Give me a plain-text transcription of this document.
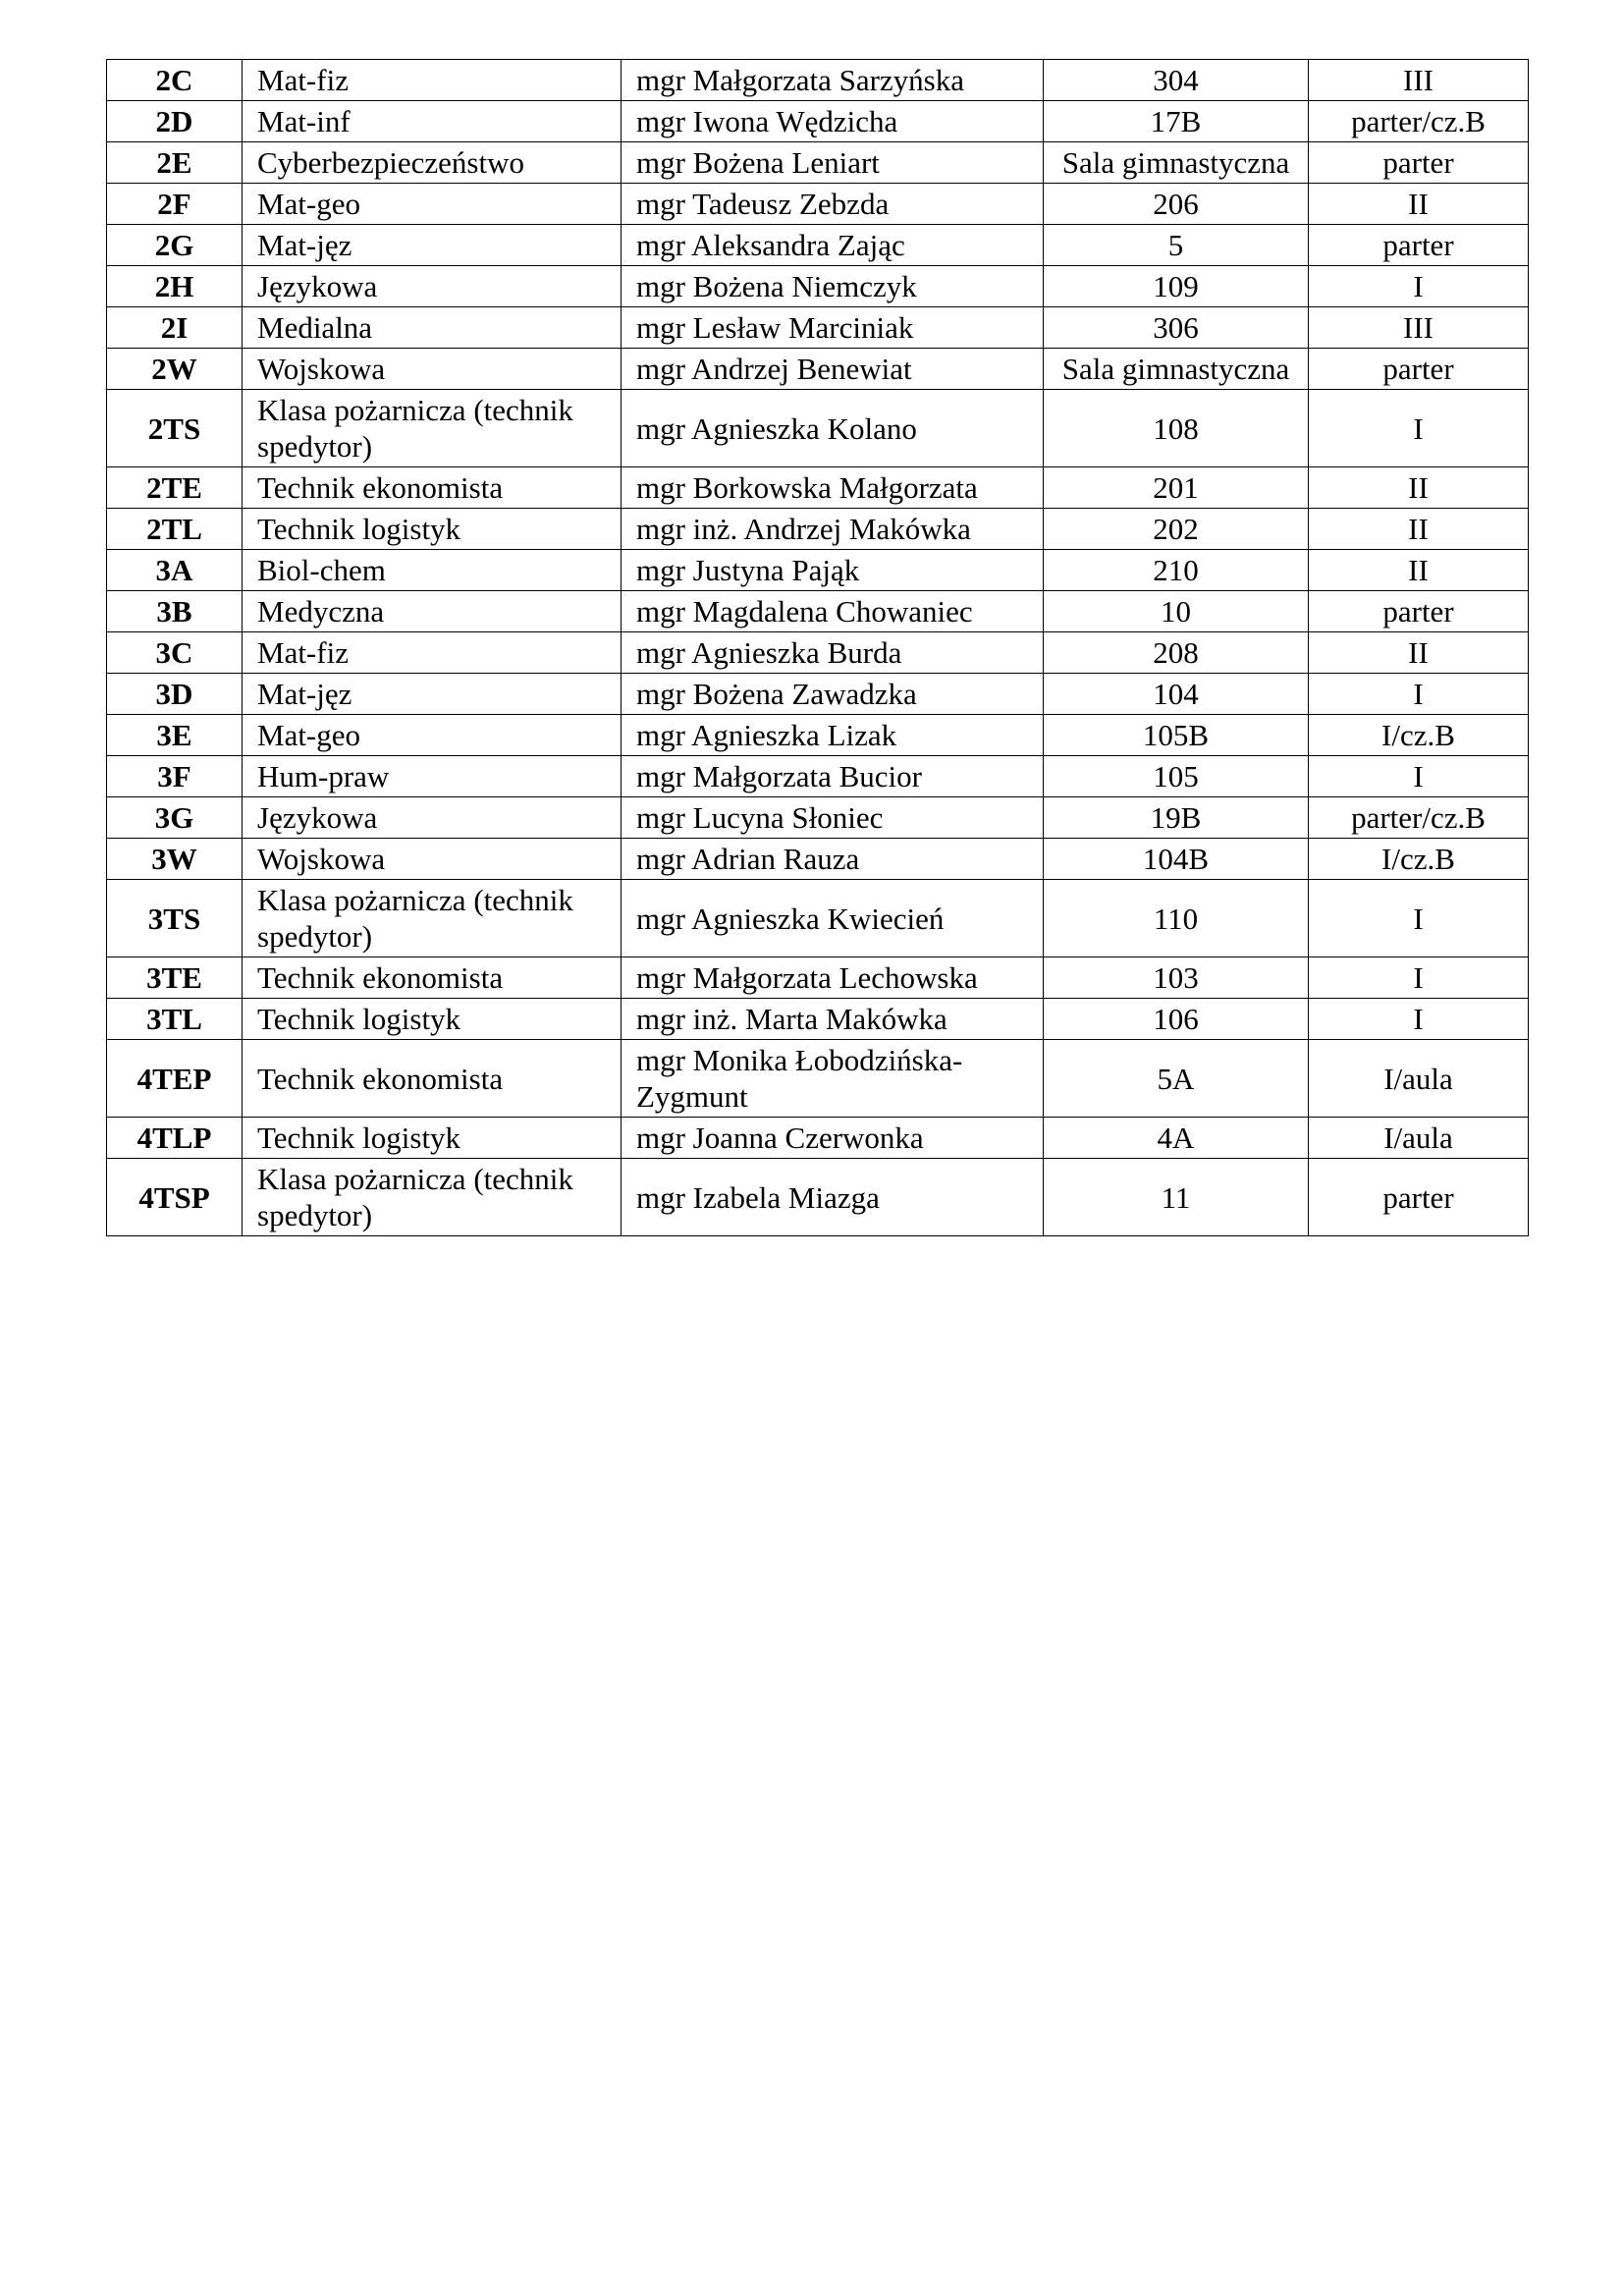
2C	Mat-fiz	mgr Małgorzata Sarzyńska	304	III
2D	Mat-inf	mgr Iwona Wędzicha	17B	parter/cz.B
2E	Cyberbezpieczeństwo	mgr Bożena Leniart	Sala gimnastyczna	parter
2F	Mat-geo	mgr Tadeusz Zebzda	206	II
2G	Mat-jęz	mgr Aleksandra Zając	5	parter
2H	Językowa	mgr Bożena Niemczyk	109	I
2I	Medialna	mgr Lesław Marciniak	306	III
2W	Wojskowa	mgr Andrzej Benewiat	Sala gimnastyczna	parter
2TS	Klasa pożarnicza (technik spedytor)	mgr Agnieszka Kolano	108	I
2TE	Technik ekonomista	mgr Borkowska Małgorzata	201	II
2TL	Technik logistyk	mgr inż. Andrzej Makówka	202	II
3A	Biol-chem	mgr Justyna Pająk	210	II
3B	Medyczna	mgr Magdalena Chowaniec	10	parter
3C	Mat-fiz	mgr Agnieszka Burda	208	II
3D	Mat-jęz	mgr Bożena Zawadzka	104	I
3E	Mat-geo	mgr Agnieszka Lizak	105B	I/cz.B
3F	Hum-praw	mgr Małgorzata Bucior	105	I
3G	Językowa	mgr Lucyna Słoniec	19B	parter/cz.B
3W	Wojskowa	mgr Adrian Rauza	104B	I/cz.B
3TS	Klasa pożarnicza (technik spedytor)	mgr Agnieszka Kwiecień	110	I
3TE	Technik ekonomista	mgr Małgorzata Lechowska	103	I
3TL	Technik logistyk	mgr inż. Marta Makówka	106	I
4TEP	Technik ekonomista	mgr Monika Łobodzińska-Zygmunt	5A	I/aula
4TLP	Technik logistyk	mgr Joanna Czerwonka	4A	I/aula
4TSP	Klasa pożarnicza (technik spedytor)	mgr Izabela Miazga	11	parter
